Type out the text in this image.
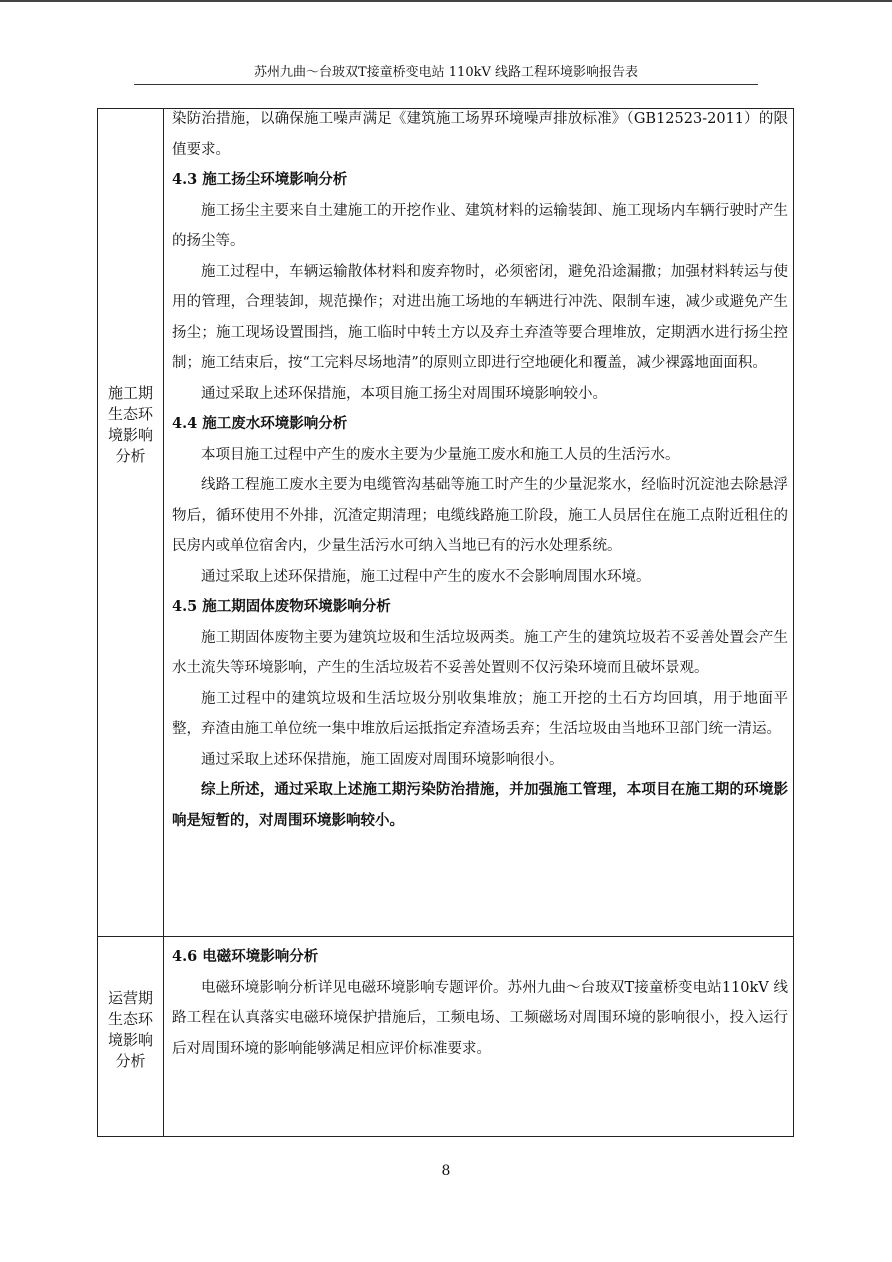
苏州九曲～台玻双T接童桥变电站 110kV 线路工程环境影响报告表
施工期
生态环
境影响
分析
运营期
生态环
境影响
分析

染防治措施，以确保施工噪声满足《建筑施工场界环境噪声排放标准》（GB12523-2011）的限值要求。

4.3 施工扬尘环境影响分析

施工扬尘主要来自土建施工的开挖作业、建筑材料的运输装卸、施工现场内车辆行驶时产生的扬尘等。

施工过程中，车辆运输散体材料和废弃物时，必须密闭，避免沿途漏撒；加强材料转运与使用的管理，合理装卸，规范操作；对进出施工场地的车辆进行冲洗、限制车速，减少或避免产生扬尘；施工现场设置围挡，施工临时中转土方以及弃土弃渣等要合理堆放，定期洒水进行扬尘控制；施工结束后，按“工完料尽场地清”的原则立即进行空地硬化和覆盖，减少裸露地面面积。

通过采取上述环保措施，本项目施工扬尘对周围环境影响较小。

4.4 施工废水环境影响分析

本项目施工过程中产生的废水主要为少量施工废水和施工人员的生活污水。

线路工程施工废水主要为电缆管沟基础等施工时产生的少量泥浆水，经临时沉淀池去除悬浮物后，循环使用不外排，沉渣定期清理；电缆线路施工阶段，施工人员居住在施工点附近租住的民房内或单位宿舍内，少量生活污水可纳入当地已有的污水处理系统。

通过采取上述环保措施，施工过程中产生的废水不会影响周围水环境。

4.5 施工期固体废物环境影响分析

施工期固体废物主要为建筑垃圾和生活垃圾两类。施工产生的建筑垃圾若不妥善处置会产生水土流失等环境影响，产生的生活垃圾若不妥善处置则不仅污染环境而且破坏景观。

施工过程中的建筑垃圾和生活垃圾分别收集堆放；施工开挖的土石方均回填，用于地面平整，弃渣由施工单位统一集中堆放后运抵指定弃渣场丢弃；生活垃圾由当地环卫部门统一清运。

通过采取上述环保措施，施工固废对周围环境影响很小。

综上所述，通过采取上述施工期污染防治措施，并加强施工管理，本项目在施工期的环境影响是短暂的，对周围环境影响较小。

4.6 电磁环境影响分析

电磁环境影响分析详见电磁环境影响专题评价。苏州九曲～台玻双T接童桥变电站110kV 线路工程在认真落实电磁环境保护措施后，工频电场、工频磁场对周围环境的影响很小，投入运行后对周围环境的影响能够满足相应评价标准要求。

8
